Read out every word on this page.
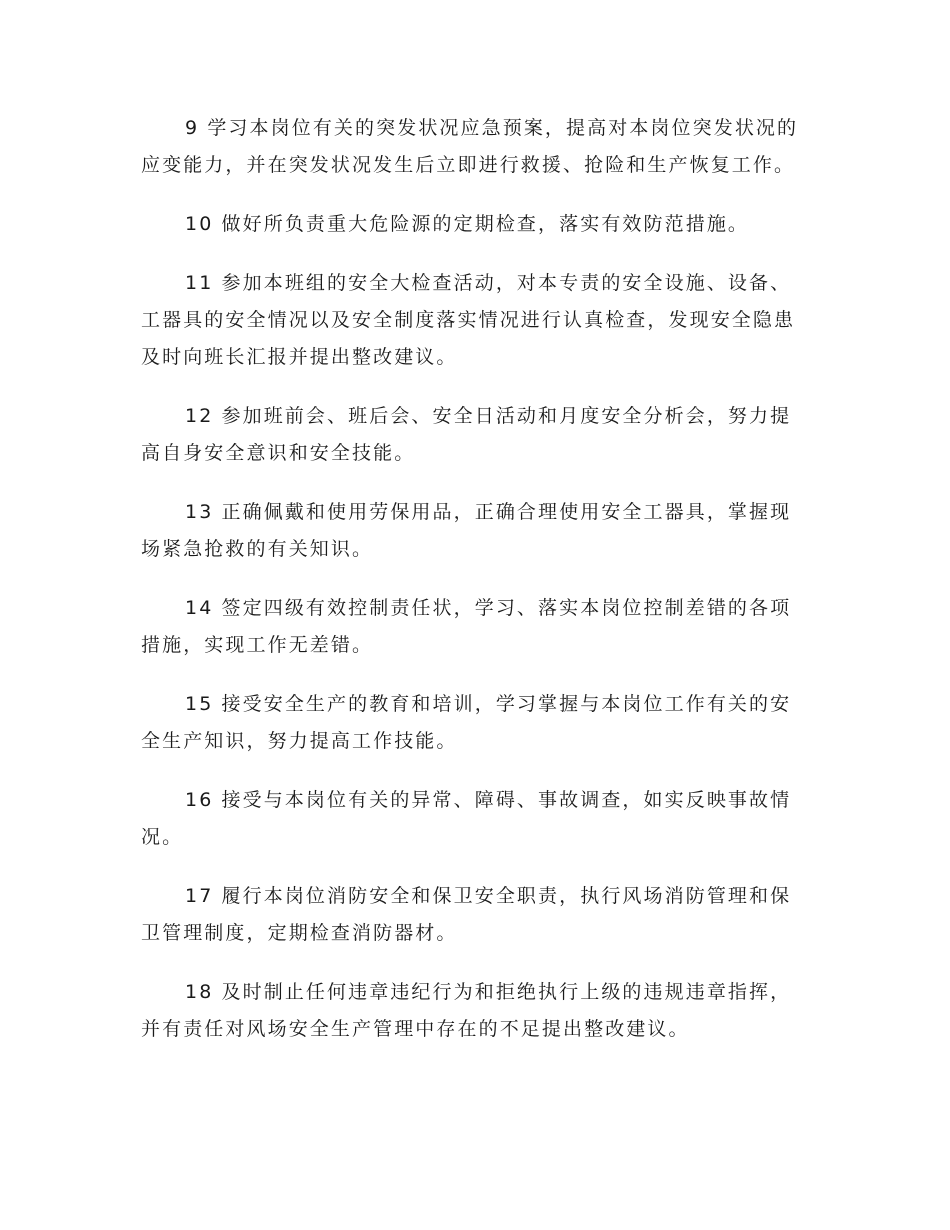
9 学习本岗位有关的突发状况应急预案，提高对本岗位突发状况的应变能力，并在突发状况发生后立即进行救援、抢险和生产恢复工作。

10 做好所负责重大危险源的定期检查，落实有效防范措施。

11 参加本班组的安全大检查活动，对本专责的安全设施、设备、工器具的安全情况以及安全制度落实情况进行认真检查，发现安全隐患及时向班长汇报并提出整改建议。

12 参加班前会、班后会、安全日活动和月度安全分析会，努力提高自身安全意识和安全技能。

13 正确佩戴和使用劳保用品，正确合理使用安全工器具，掌握现场紧急抢救的有关知识。

14 签定四级有效控制责任状，学习、落实本岗位控制差错的各项措施，实现工作无差错。

15 接受安全生产的教育和培训，学习掌握与本岗位工作有关的安全生产知识，努力提高工作技能。

16 接受与本岗位有关的异常、障碍、事故调查，如实反映事故情况。

17 履行本岗位消防安全和保卫安全职责，执行风场消防管理和保卫管理制度，定期检查消防器材。

18 及时制止任何违章违纪行为和拒绝执行上级的违规违章指挥，并有责任对风场安全生产管理中存在的不足提出整改建议。
